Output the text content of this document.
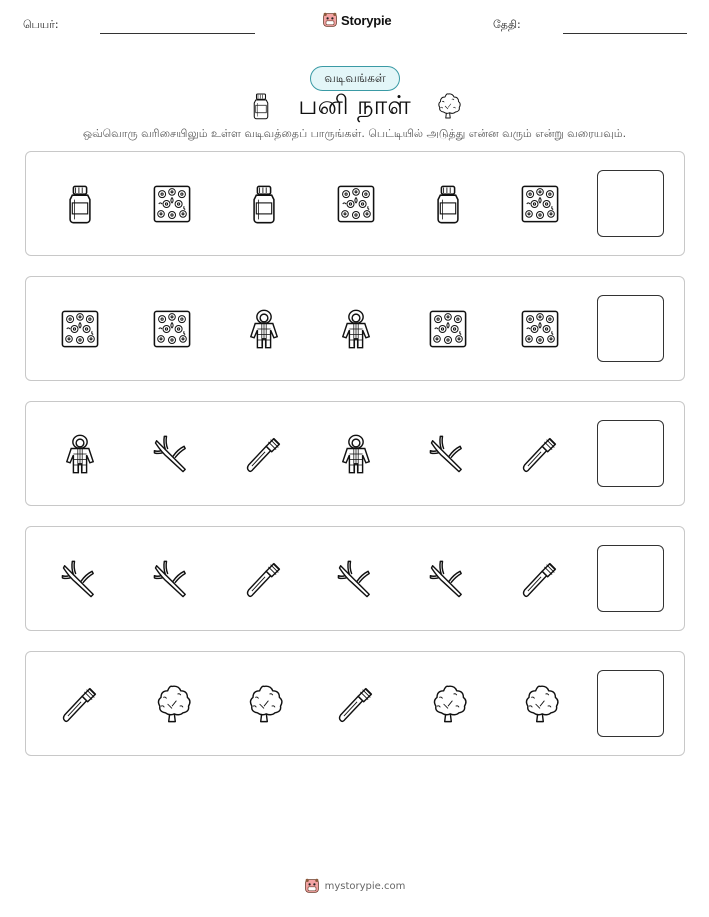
பெயர்:	Storypie	தேதி:
வடிவங்கள்
பனி நாள்
ஒவ்வொரு வரிசையிலும் உள்ள வடிவத்தைப் பாருங்கள். பெட்டியில் அடுத்து என்ன வரும் என்று வரையவும்.
mystorypie.com
